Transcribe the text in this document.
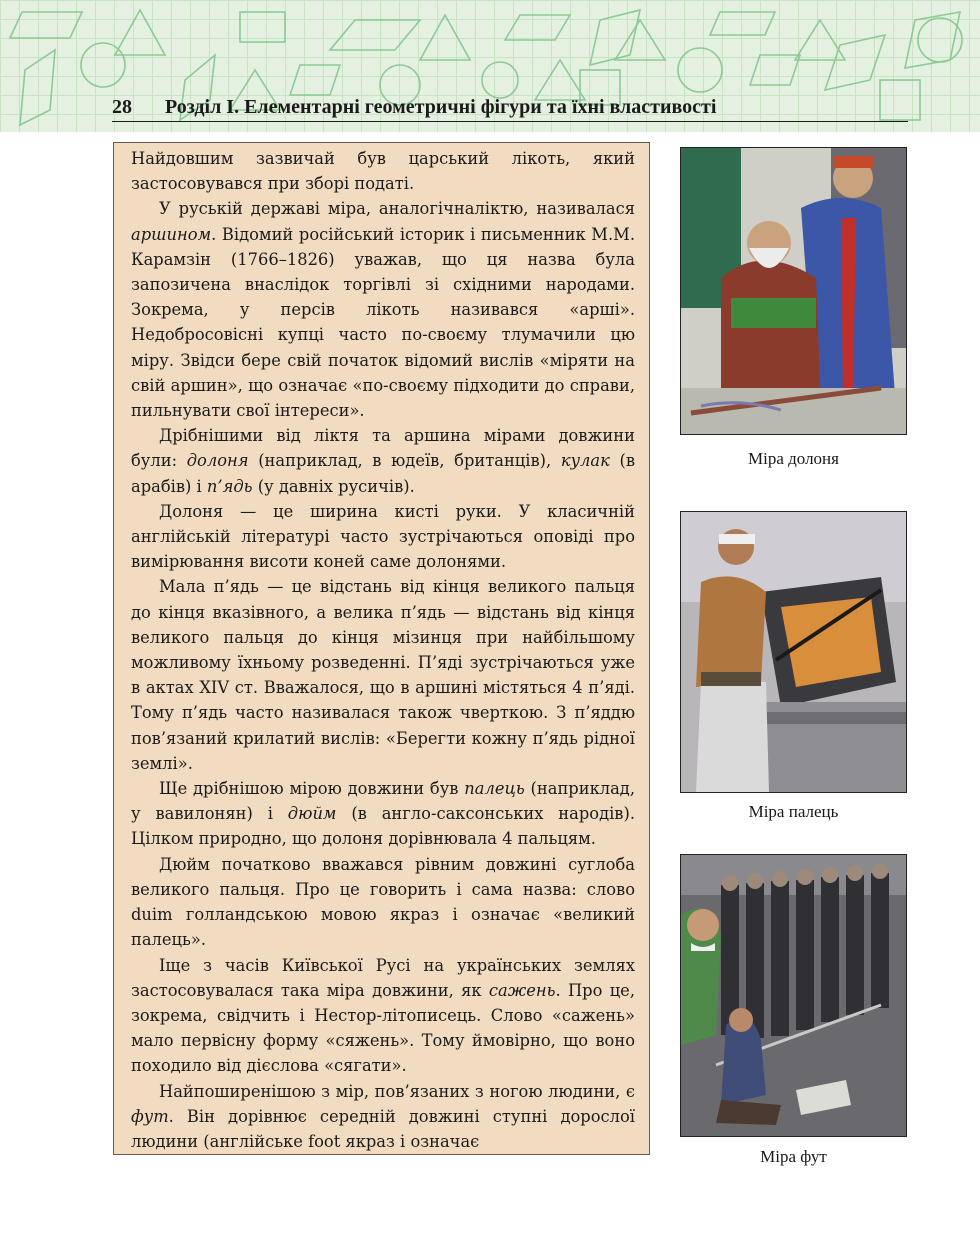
28 Розділ I. Елементарні геометричні фігури та їхні властивості

Найдовшим зазвичай був царський лікоть, який застосовувався при зборі податі.

У руській державі міра, аналогічналіктю, називалася аршином. Відомий російський історик і письменник М.М. Карамзін (1766–1826) уважав, що ця назва була запозичена внаслідок торгівлі зі східними народами. Зокрема, у персів лікоть називався «арші». Недобросовісні купці часто по-своєму тлумачили цю міру. Звідси бере свій початок відомий вислів «міряти на свій аршин», що означає «по-своєму підходити до справи, пильнувати свої інтереси».

Дрібнішими від ліктя та аршина мірами довжини були: долоня (наприклад, в юдеїв, британців), кулак (в арабів) і п’ядь (у давніх русичів).

Долоня — це ширина кисті руки. У класичній англійській літературі часто зустрічаються оповіді про вимірювання висоти коней саме долонями.

Мала п’ядь — це відстань від кінця великого пальця до кінця вказівного, а велика п’ядь — відстань від кінця великого пальця до кінця мізинця при найбільшому можливому їхньому розведенні. П’яді зустрічаються уже в актах XIV ст. Вважалося, що в аршині містяться 4 п’яді. Тому п’ядь часто називалася також чверткою. З п’яддю пов’язаний крилатий вислів: «Берегти кожну п’ядь рідної землі».

Ще дрібнішою мірою довжини був палець (наприклад, у вавилонян) і дюйм (в англо-саксонських народів). Цілком природно, що долоня дорівнювала 4 пальцям.

Дюйм початково вважався рівним довжині суглоба великого пальця. Про це говорить і сама назва: слово duim голландською мовою якраз і означає «великий палець».

Іще з часів Київської Русі на українських землях застосовувалася така міра довжини, як сажень. Про це, зокрема, свідчить і Нестор-літописець. Слово «сажень» мало первісну форму «сяжень». Тому ймовірно, що воно походило від дієслова «сягати».

Найпоширенішою з мір, пов’язаних з ногою людини, є фут. Він дорівнює середній довжині ступні дорослої людини (англійське foot якраз і означає

Міра долоня
Міра палець
Міра фут
